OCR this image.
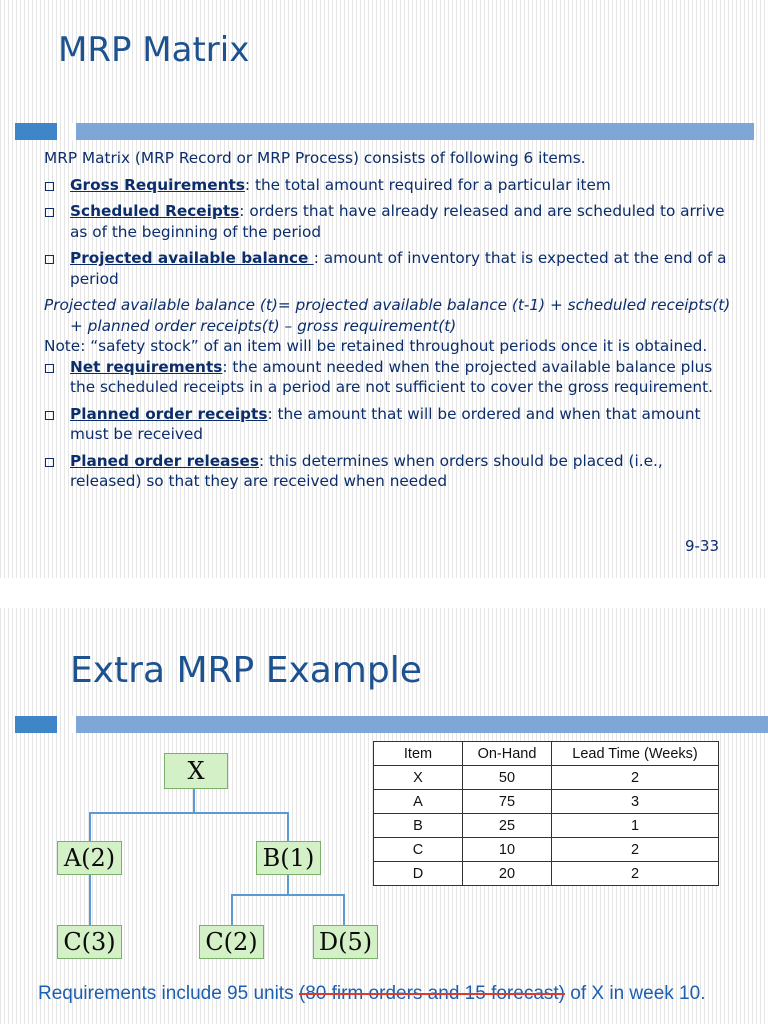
MRP Matrix

MRP Matrix (MRP Record or MRP Process) consists of following 6 items.

Gross Requirements: the total amount required for a particular item
Scheduled Receipts: orders that have already released and are scheduled to arrive as of the beginning of the period
Projected available balance : amount of inventory that is expected at the end of a period

Projected available balance (t)= projected available balance (t-1) + scheduled receipts(t) + planned order receipts(t) – gross requirement(t)

Note: “safety stock” of an item will be retained throughout periods once it is obtained.

Net requirements: the amount needed when the projected available balance plus the scheduled receipts in a period are not sufficient to cover the gross requirement.
Planned order receipts: the amount that will be ordered and when that amount must be received
Planed order releases: this determines when orders should be placed (i.e., released) so that they are received when needed
9-33
Extra MRP Example
X
A(2)	B(1)
C(3)	C(2)	D(5)
Item	On-Hand	Lead Time (Weeks)
X	50	2
A	75	3
B	25	1
C	10	2
D	20	2
Requirements include 95 units (80 firm orders and 15 forecast) of X in week 10.
